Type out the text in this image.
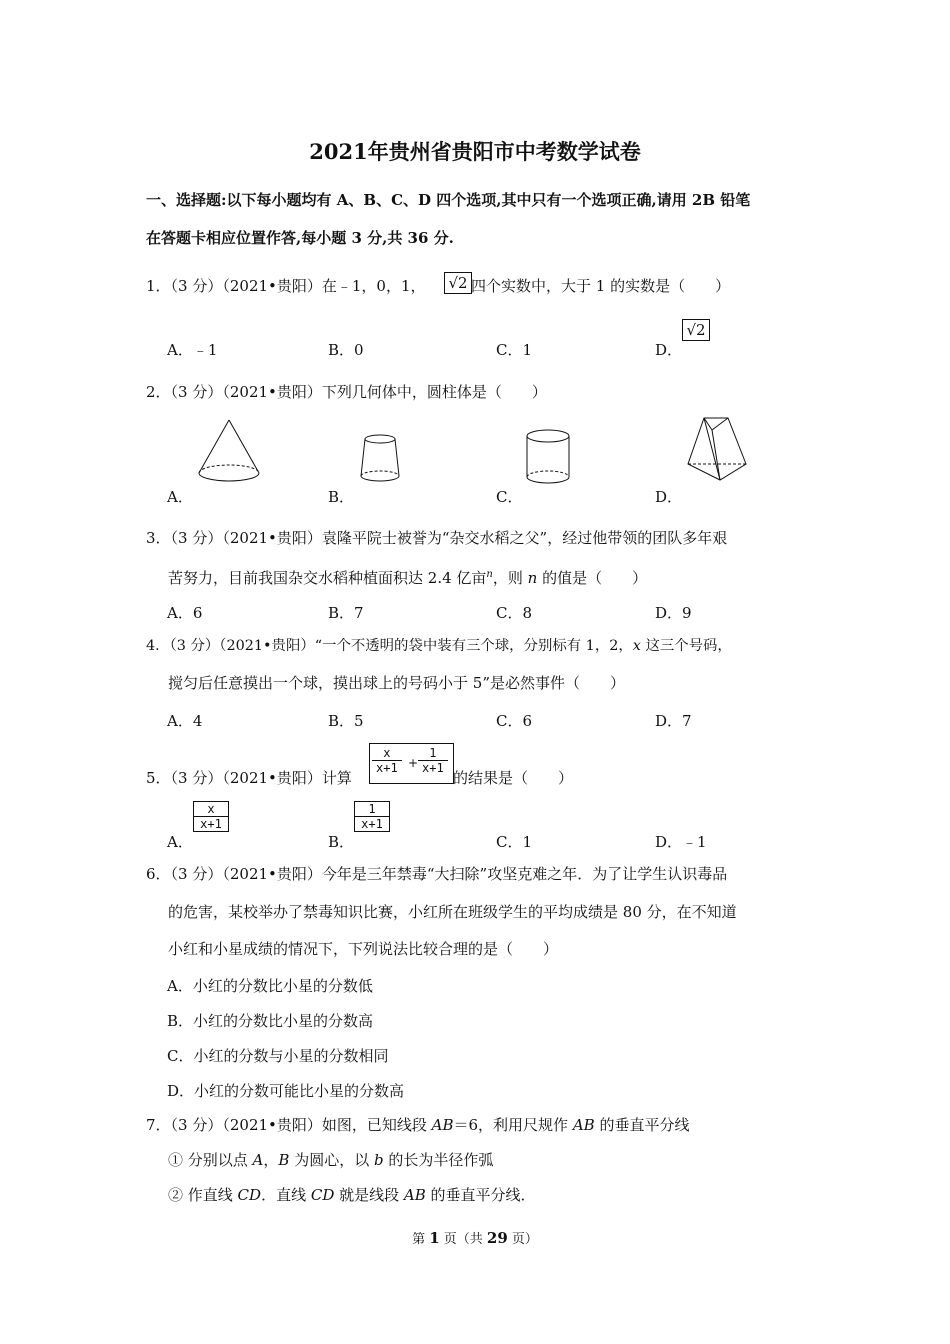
2021年贵州省贵阳市中考数学试卷
一、选择题:以下每小题均有 A、B、C、D 四个选项,其中只有一个选项正确,请用 2B 铅笔
在答题卡相应位置作答,每小题 3 分,共 36 分.
1．（3 分）（2021•贵阳）在﹣1，0，1， √2 四个实数中，大于 1 的实数是（　　）
A．﹣1	B．0	C．1	D．
√2
2．（3 分）（2021•贵阳）下列几何体中，圆柱体是（　　）
A．	B．	C．	D．
3．（3 分）（2021•贵阳）袁隆平院士被誉为“杂交水稻之父”，经过他带领的团队多年艰
苦努力，目前我国杂交水稻种植面积达 2.4 亿亩$^n$，则 n 的值是（　　）
A．6	B．7	C．8	D．9
4．（3 分）（2021•贵阳）“一个不透明的袋中装有三个球，分别标有 1，2，x 这三个号码，
搅匀后任意摸出一个球，摸出球上的号码小于 5”是必然事件（　　）
A．4	B．5	C．6	D．7
5．（3 分）（2021•贵阳）计算
x
x+1 +
1
x+1
的结果是（　　）
A．
x
x+1
B．
1
x+1
C．1	D．﹣1
6．（3 分）（2021•贵阳）今年是三年禁毒“大扫除”攻坚克难之年．为了让学生认识毒品
的危害，某校举办了禁毒知识比赛，小红所在班级学生的平均成绩是 80 分，在不知道
小红和小星成绩的情况下，下列说法比较合理的是（　　）
A．小红的分数比小星的分数低
B．小红的分数比小星的分数高
C．小红的分数与小星的分数相同
D．小红的分数可能比小星的分数高
7．（3 分）（2021•贵阳）如图，已知线段 AB＝6，利用尺规作 AB 的垂直平分线
① 分别以点 A，B 为圆心，以 b 的长为半径作弧
② 作直线 CD．直线 CD 就是线段 AB 的垂直平分线．
第 1 页（共 29 页）
